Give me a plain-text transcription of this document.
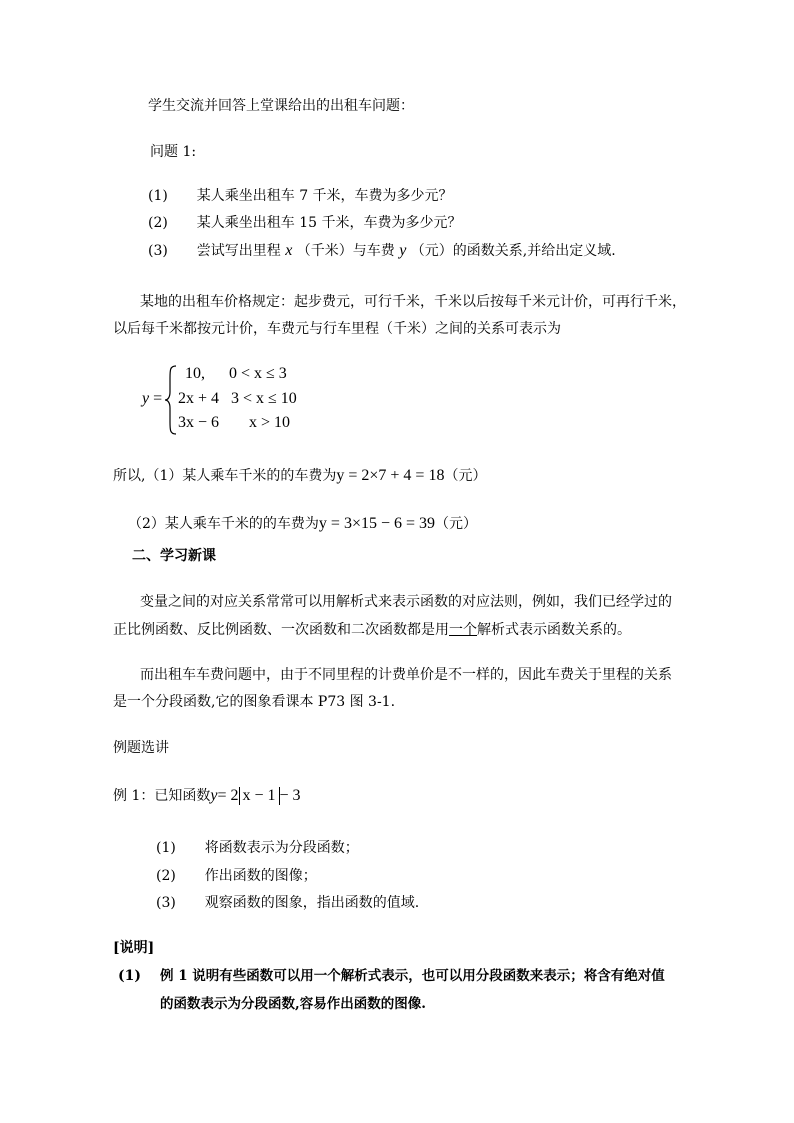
学生交流并回答上堂课给出的出租车问题：
问题 1:
(1) 某人乘坐出租车 7 千米，车费为多少元？
(2) 某人乘坐出租车 15 千米，车费为多少元？
(3) 尝试写出里程 x （千米）与车费 y （元）的函数关系,并给出定义域.
某地的出租车价格规定：起步费元，可行千米，千米以后按每千米元计价，可再行千米，
以后每千米都按元计价，车费元与行车里程（千米）之间的关系可表示为
y =
10, 0 < x ≤ 3
2x + 4 3 < x ≤ 10
3x − 6 x > 10
所以,（1）某人乘车千米的的车费为y = 2×7 + 4 = 18（元）
（2）某人乘车千米的的车费为y = 3×15 − 6 = 39（元）
二、学习新课
变量之间的对应关系常常可以用解析式来表示函数的对应法则，例如，我们已经学过的
正比例函数、反比例函数、一次函数和二次函数都是用一个解析式表示函数关系的。
而出租车车费问题中，由于不同里程的计费单价是不一样的，因此车费关于里程的关系
是一个分段函数,它的图象看课本 P73 图 3-1.
例题选讲
例 1：已知函数y= 2 x − 1 − 3
(1) 将函数表示为分段函数；
(2) 作出函数的图像；
(3) 观察函数的图象，指出函数的值域.
[说明]
(1) 例 1 说明有些函数可以用一个解析式表示，也可以用分段函数来表示；将含有绝对值
的函数表示为分段函数,容易作出函数的图像.
